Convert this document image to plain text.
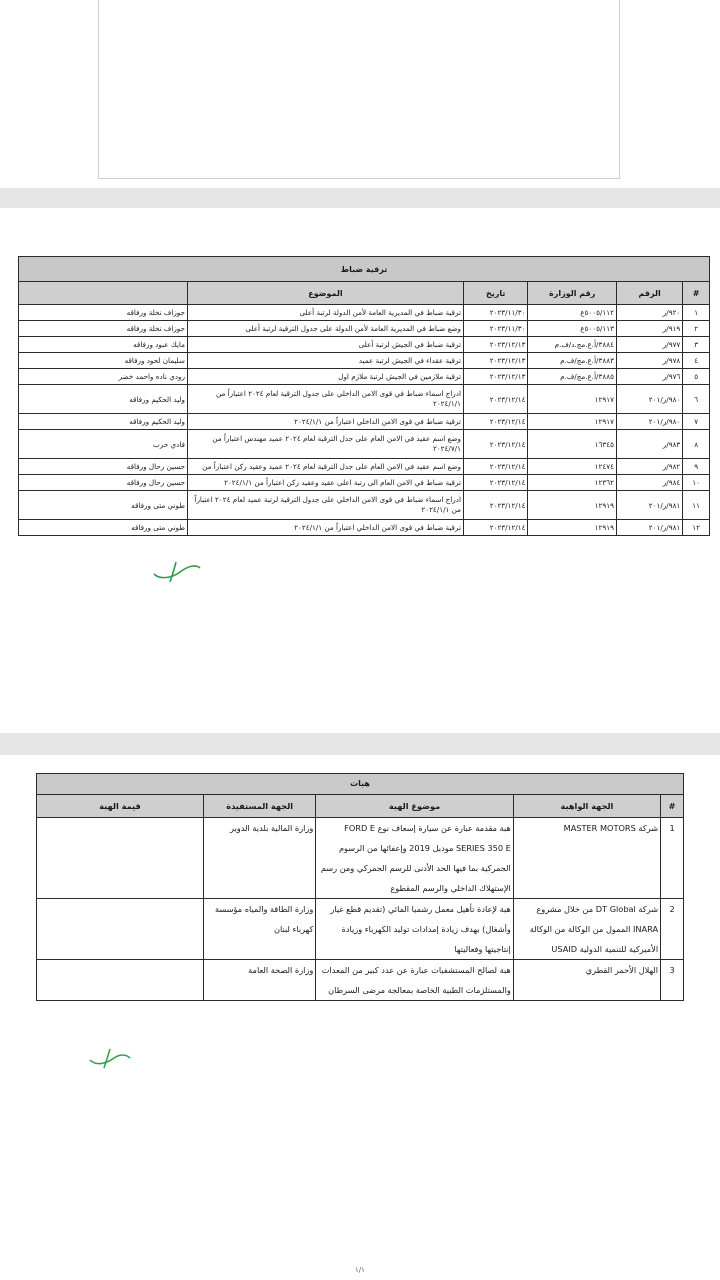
ترقية ضباط					
#	الرقم	رقم الوزارة	تاريخ	الموضوع	
١	٩٢٠/ر	٥٠٠٥/١١٢ع	٢٠٢٣/١١/٣٠	ترقية ضباط في المديرية العامة لأمن الدولة لرتبة أعلى	جوزاف نخلة ورفاقه
٢	٩١٩/ر	٥٠٠٥/١١٣ع	٢٠٢٣/١١/٣٠	وضع ضباط في المديرية العامة لأمن الدولة على جدول الترقية لرتبة أعلى	جوزاف نخلة ورفاقه
٣	٩٧٧/ر	٣٨٨٤/أ.ع.مج.د/ف.م	٢٠٢٣/١٢/١٣	ترقية ضباط في الجيش لرتبة أعلى	مايك عبود ورفاقه
٤	٩٧٨/ر	٣٨٨٣/أ.ع.مج/ف.م	٢٠٢٣/١٢/١٣	ترقية عقداء في الجيش لرتبة عميد	سليمان لحود ورفاقه
٥	٩٧٦/ر	٣٨٨٥/أ.ع.مج/ف.م	٢٠٢٣/١٢/١٣	ترقية ملازمين في الجيش لرتبة ملازم اول	رودي ناده واحمد خضر
٦	٩٨٠/ر/٢٠١	١٢٩١٧	٢٠٢٣/١٢/١٤	ادراج اسماء ضباط في قوى الامن الداخلي على جدول الترقية لعام ٢٠٢٤ اعتباراً من ٢٠٢٤/١/١	وليد الحكيم ورفاقه
٧	٩٨٠/ر/٢٠١	١٢٩١٧	٢٠٢٣/١٢/١٤	ترقية ضباط في قوى الامن الداخلي اعتباراً من ٢٠٢٤/١/١	وليد الحكيم ورفاقه
٨	٩٨٣/ر	١٦٣٤٥	٢٠٢٣/١٢/١٤	وضع اسم عقيد في الامن العام على جدل الترقية لعام ٢٠٢٤ عميد مهندس اعتباراً من ٢٠٢٤/٧/١	فادي حرب
٩	٩٨٢/ر	١٢٤٧٤	٢٠٢٣/١٢/١٤	وضع اسم عقيد في الامن العام على جدل الترقية لعام ٢٠٢٤ عميد وعقيد ركن اعتباراً من	حسين رحال ورفاقه
١٠	٩٨٤/ر	١٢٣٦٢	٢٠٢٣/١٢/١٤	ترقية ضباط في الامن العام الى رتبة اعلى عقيد وعقيد ركن اعتباراً من ٢٠٢٤/١/١	حسين رحال ورفاقه
١١	٩٨١/ر/٢٠١	١٢٩١٩	٢٠٢٣/١٢/١٤	ادراج اسماء ضباط في قوى الامن الداخلي على جدول الترقية لرتبة عميد لعام ٢٠٢٤ اعتباراً من ٢٠٢٤/١/١	طوني متى ورفاقه
١٢	٩٨١/ر/٢٠١	١٢٩١٩	٢٠٢٣/١٢/١٤	ترقية ضباط في قوى الامن الداخلي اعتباراً من ٢٠٢٤/١/١	طوني متى ورفاقه
هبات				
#	الجهة الواهبة	موضوع الهبة	الجهة المستفيدة	قيمة الهبة
1	شركة MASTER MOTORS	هبة مقدمة عبارة عن سيارة إسعاف نوع FORD E SERIES 350 E موديل 2019 وإعفائها من الرسوم الجمركية بما فيها الحد الأدنى للرسم الجمركي ومن رسم الإستهلاك الداخلي والرسم المقطوع	وزارة المالية بلدية الدوير	
2	شركة DT Global من خلال مشروع INARA الممول من الوكالة من الوكالة الأميركية للتنمية الدولية USAID	هبة لإعادة تأهيل معمل رشميا المائي (تقديم قطع غيار وأشغال) بهدف زيادة إمدادات توليد الكهرباء وزيادة إنتاجيتها وفعاليتها	وزارة الطاقة والمياه مؤسسة كهرباء لبنان	
3	الهلال الأحمر القطري	هبة لصالح المستشفيات عبارة عن عدد كبير من المعدات والمستلزمات الطبية الخاصة بمعالجة مرضى السرطان	وزارة الصحة العامة	
١/١
